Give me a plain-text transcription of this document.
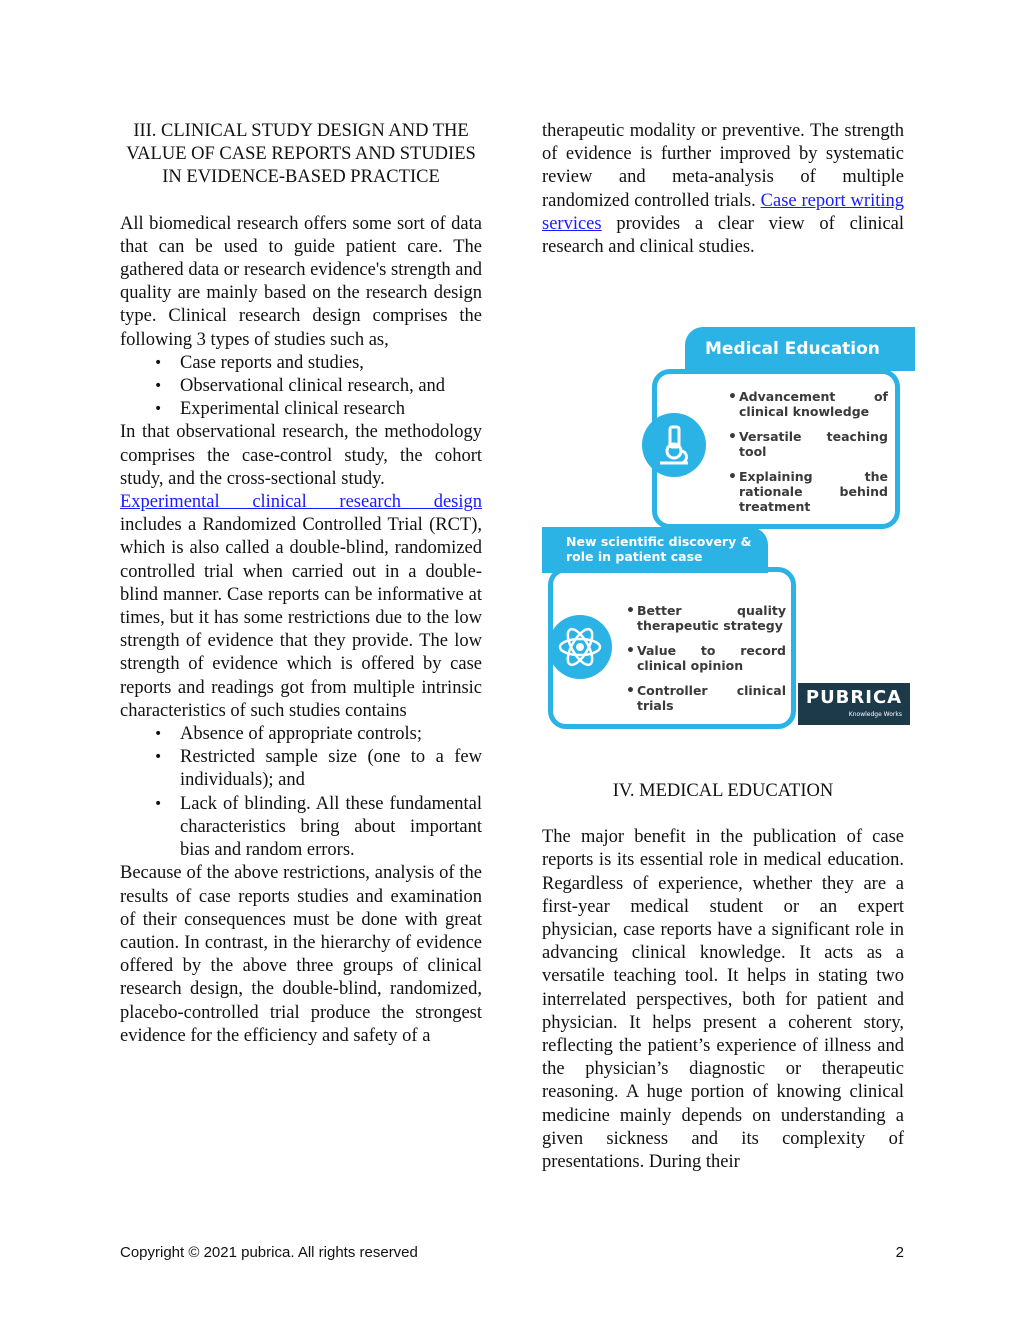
III. CLINICAL STUDY DESIGN AND THE VALUE OF CASE REPORTS AND STUDIES IN EVIDENCE-BASED PRACTICE

All biomedical research offers some sort of data that can be used to guide patient care. The gathered data or research evidence's strength and quality are mainly based on the research design type. Clinical research design comprises the following 3 types of studies such as,

• Case reports and studies,
• Observational clinical research, and
• Experimental clinical research

In that observational research, the methodology comprises the case-control study, the cohort study, and the cross-sectional study.

Experimental clinical research design
includes a Randomized Controlled Trial (RCT), which is also called a double-blind, randomized controlled trial when carried out in a double-blind manner. Case reports can be informative at times, but it has some restrictions due to the low strength of evidence that they provide. The low strength of evidence which is offered by case reports and readings got from multiple intrinsic characteristics of such studies contains

• Absence of appropriate controls;
• Restricted sample size (one to a few individuals); and
• Lack of blinding. All these fundamental characteristics bring about important bias and random errors.

Because of the above restrictions, analysis of the results of case reports studies and examination of their consequences must be done with great caution. In contrast, in the hierarchy of evidence offered by the above three groups of clinical research design, the double-blind, randomized, placebo-controlled trial produce the strongest evidence for the efficiency and safety of a

therapeutic modality or preventive. The strength of evidence is further improved by systematic review and meta-analysis of multiple randomized controlled trials. Case report writing services provides a clear view of clinical research and clinical studies.

Medical Education
• Advancement of clinical knowledge
• Versatile teaching tool
• Explaining the rationale behind treatment
New scientific discovery & role in patient case
• Better quality therapeutic strategy
• Value to record clinical opinion
• Controller clinical trials	PUBRICA
Knowledge Works
IV. MEDICAL EDUCATION

The major benefit in the publication of case reports is its essential role in medical education. Regardless of experience, whether they are a first-year medical student or an expert physician, case reports have a significant role in advancing clinical knowledge. It acts as a versatile teaching tool. It helps in stating two interrelated perspectives, both for patient and physician. It helps present a coherent story, reflecting the patient’s experience of illness and the physician’s diagnostic or therapeutic reasoning. A huge portion of knowing clinical medicine mainly depends on understanding a given sickness and its complexity of presentations. During their

Copyright © 2021 pubrica. All rights reserved	2
